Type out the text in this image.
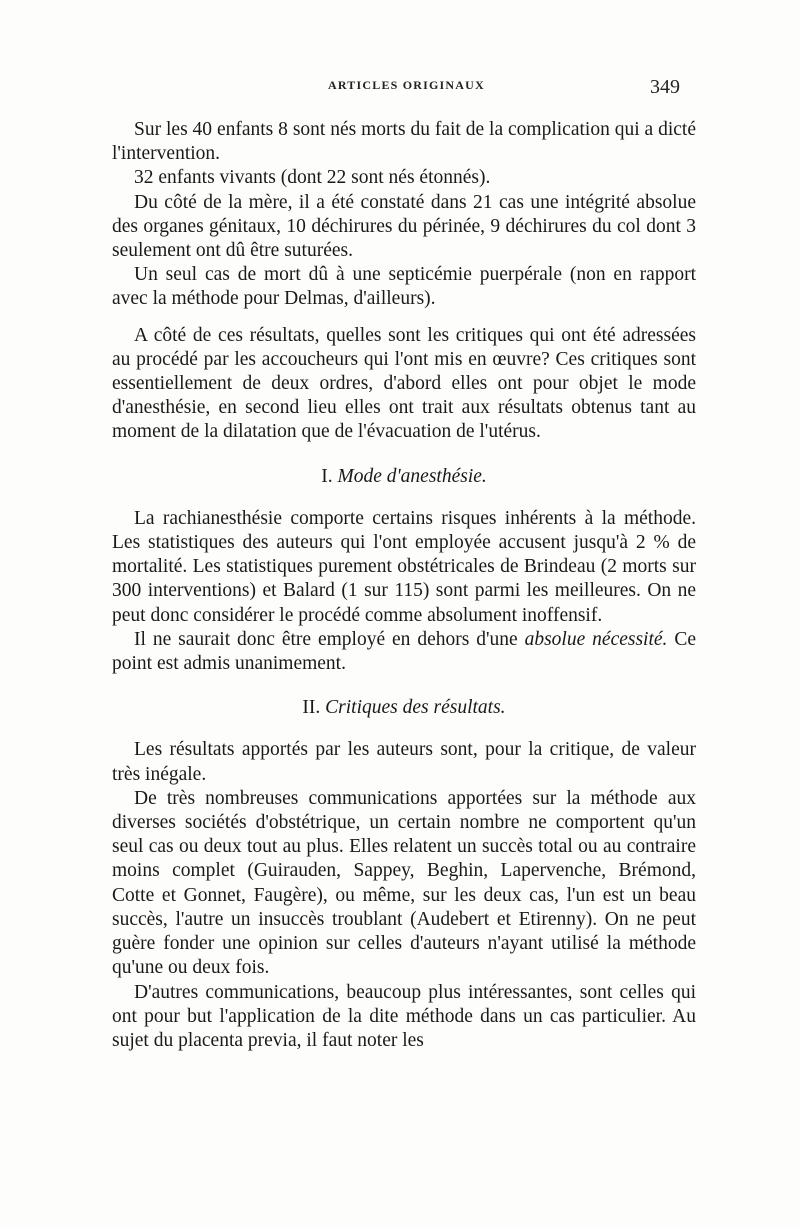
ARTICLES ORIGINAUX	349

Sur les 40 enfants 8 sont nés morts du fait de la complication qui a dicté l'intervention.

32 enfants vivants (dont 22 sont nés étonnés).

Du côté de la mère, il a été constaté dans 21 cas une intégrité absolue des organes génitaux, 10 déchirures du périnée, 9 déchirures du col dont 3 seulement ont dû être suturées.

Un seul cas de mort dû à une septicémie puerpérale (non en rapport avec la méthode pour Delmas, d'ailleurs).

A côté de ces résultats, quelles sont les critiques qui ont été adressées au procédé par les accoucheurs qui l'ont mis en œuvre? Ces critiques sont essentiellement de deux ordres, d'abord elles ont pour objet le mode d'anesthésie, en second lieu elles ont trait aux résultats obtenus tant au moment de la dilatation que de l'évacuation de l'utérus.

I. Mode d'anesthésie.

La rachianesthésie comporte certains risques inhérents à la méthode. Les statistiques des auteurs qui l'ont employée accusent jusqu'à 2 % de mortalité. Les statistiques purement obstétricales de Brindeau (2 morts sur 300 interventions) et Balard (1 sur 115) sont parmi les meilleures. On ne peut donc considérer le procédé comme absolument inoffensif.

Il ne saurait donc être employé en dehors d'une absolue nécessité. Ce point est admis unanimement.

II. Critiques des résultats.

Les résultats apportés par les auteurs sont, pour la critique, de valeur très inégale.

De très nombreuses communications apportées sur la méthode aux diverses sociétés d'obstétrique, un certain nombre ne comportent qu'un seul cas ou deux tout au plus. Elles relatent un succès total ou au contraire moins complet (Guirauden, Sappey, Beghin, Lapervenche, Brémond, Cotte et Gonnet, Faugère), ou même, sur les deux cas, l'un est un beau succès, l'autre un insuccès troublant (Audebert et Etirenny). On ne peut guère fonder une opinion sur celles d'auteurs n'ayant utilisé la méthode qu'une ou deux fois.

D'autres communications, beaucoup plus intéressantes, sont celles qui ont pour but l'application de la dite méthode dans un cas particulier. Au sujet du placenta previa, il faut noter les
